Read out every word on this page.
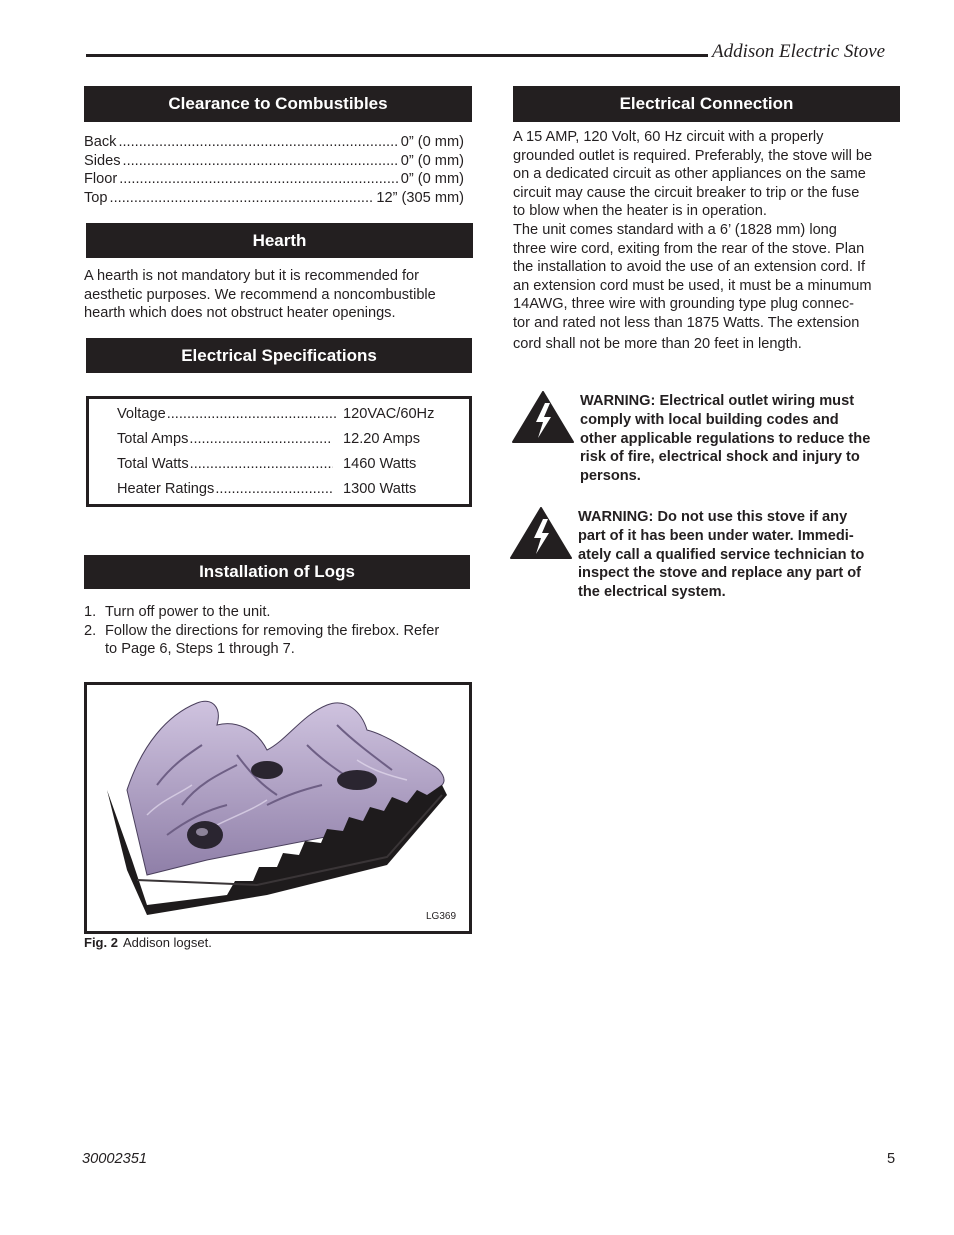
Addison Electric Stove
Clearance to Combustibles
Back .....	0” (0 mm)
Sides .....	0” (0 mm)
Floor .....	0” (0 mm)
Top .....	12” (305 mm)
Hearth
A hearth is not mandatory but it is recommended for
aesthetic purposes. We recommend a noncombustible
hearth which does not obstruct heater openings.
Electrical Specifications
Voltage .....	120VAC/60Hz
Total Amps .....	12.20 Amps
Total Watts .....	1460 Watts
Heater Ratings .....	1300 Watts
Installation of Logs
1. Turn off power to the unit.
2. Follow the directions for removing the firebox. Refer
to Page 6, Steps 1 through 7.
LG369
Fig. 2 Addison logset.
Electrical Connection
A 15 AMP, 120 Volt, 60 Hz circuit with a properly
grounded outlet is required. Preferably, the stove will be
on a dedicated circuit as other appliances on the same
circuit may cause the circuit breaker to trip or the fuse
to blow when the heater is in operation.
The unit comes standard with a 6’ (1828 mm) long
three wire cord, exiting from the rear of the stove. Plan
the installation to avoid the use of an extension cord. If
an extension cord must be used, it must be a minumum
14AWG, three wire with grounding type plug connec-
tor and rated not less than 1875 Watts. The extension
cord shall not be more than 20 feet in length.
WARNING: Electrical outlet wiring must
comply with local building codes and
other applicable regulations to reduce the
risk of fire, electrical shock and injury to
persons.
WARNING: Do not use this stove if any
part of it has been under water. Immedi-
ately call a qualified service technician to
inspect the stove and replace any part of
the electrical system.
30002351	5
